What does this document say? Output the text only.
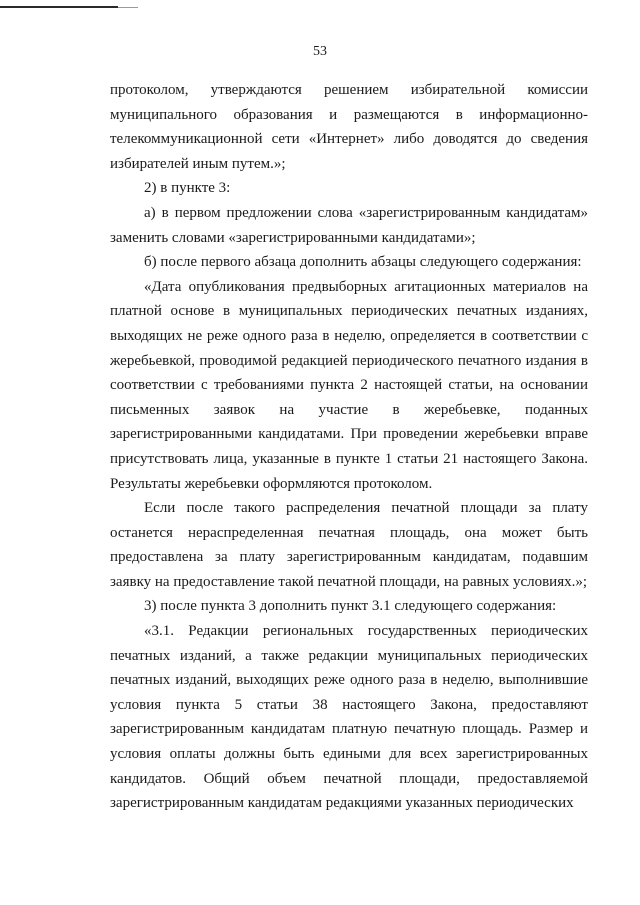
53

протоколом, утверждаются решением избирательной комиссии муниципального образования и размещаются в информационно-телекоммуникационной сети «Интернет» либо доводятся до сведения избирателей иным путем.»;

2) в пункте 3:

а) в первом предложении слова «зарегистрированным кандидатам» заменить словами «зарегистрированными кандидатами»;

б) после первого абзаца дополнить абзацы следующего содержания:

«Дата опубликования предвыборных агитационных материалов на платной основе в муниципальных периодических печатных изданиях, выходящих не реже одного раза в неделю, определяется в соответствии с жеребьевкой, проводимой редакцией периодического печатного издания в соответствии с требованиями пункта 2 настоящей статьи, на основании письменных заявок на участие в жеребьевке, поданных зарегистрированными кандидатами. При проведении жеребьевки вправе присутствовать лица, указанные в пункте 1 статьи 21 настоящего Закона. Результаты жеребьевки оформляются протоколом.

Если после такого распределения печатной площади за плату останется нераспределенная печатная площадь, она может быть предоставлена за плату зарегистрированным кандидатам, подавшим заявку на предоставление такой печатной площади, на равных условиях.»;

3) после пункта 3 дополнить пункт 3.1 следующего содержания:

«3.1. Редакции региональных государственных периодических печатных изданий, а также редакции муниципальных периодических печатных изданий, выходящих реже одного раза в неделю, выполнившие условия пункта 5 статьи 38 настоящего Закона, предоставляют зарегистрированным кандидатам платную печатную площадь. Размер и условия оплаты должны быть едиными для всех зарегистрированных кандидатов. Общий объем печатной площади, предоставляемой зарегистрированным кандидатам редакциями указанных периодических
